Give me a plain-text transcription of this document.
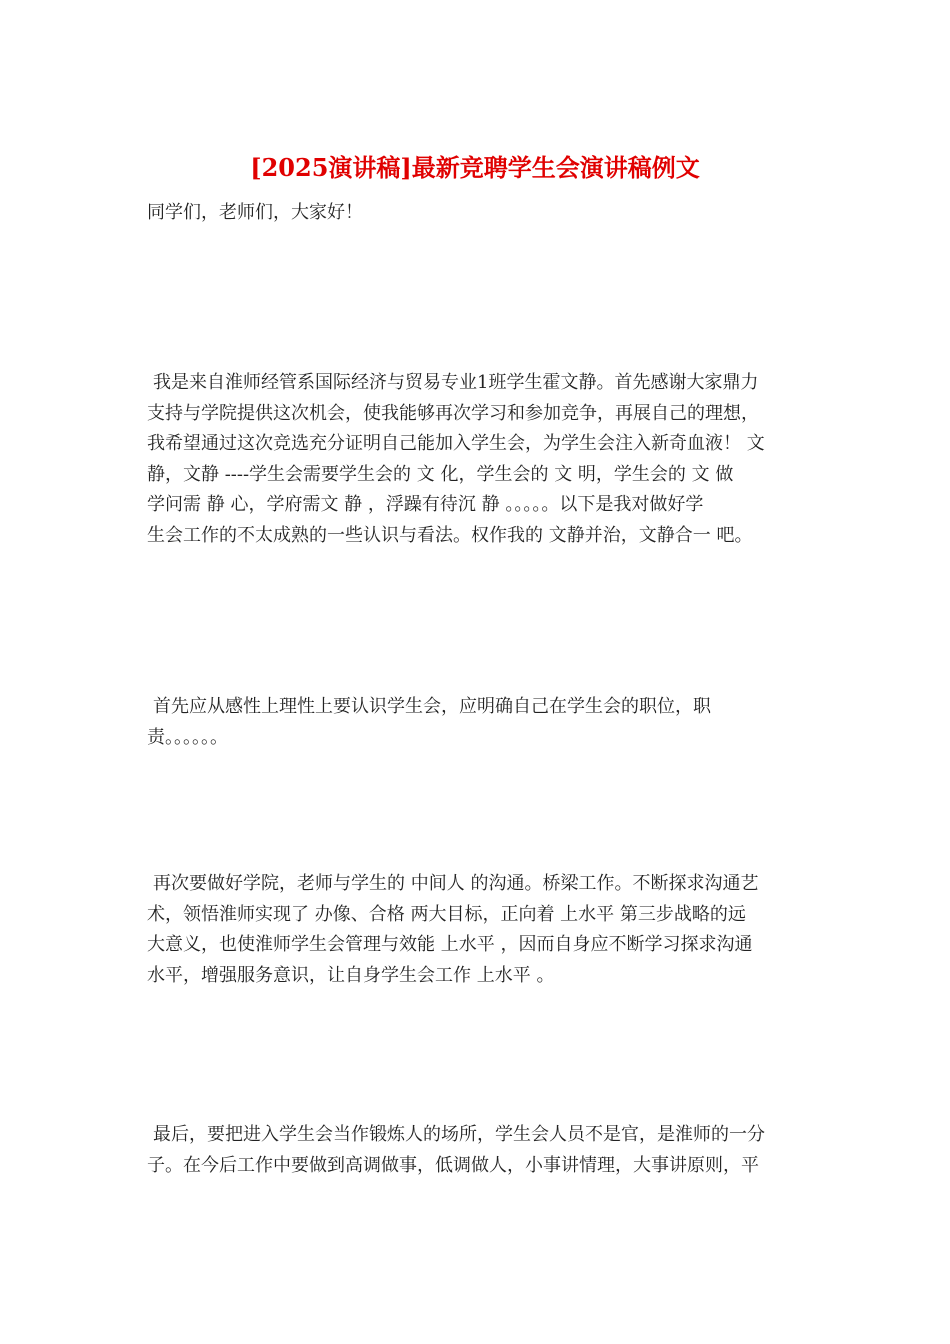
[2025演讲稿]最新竞聘学生会演讲稿例文
同学们，老师们，大家好！
我是来自淮师经管系国际经济与贸易专业1班学生霍文静。首先感谢大家鼎力
支持与学院提供这次机会，使我能够再次学习和参加竞争，再展自己的理想，
我希望通过这次竞选充分证明自己能加入学生会，为学生会注入新奇血液！ 文
静，文静 ----学生会需要学生会的 文 化，学生会的 文 明，学生会的 文 做
学问需 静 心，学府需文 静 ，浮躁有待沉 静 。。。。。以下是我对做好学
生会工作的不太成熟的一些认识与看法。权作我的 文静并治，文静合一 吧。
首先应从感性上理性上要认识学生会，应明确自己在学生会的职位，职
责。。。。。。
再次要做好学院，老师与学生的 中间人 的沟通。桥梁工作。不断探求沟通艺
术，领悟淮师实现了 办像、合格 两大目标，正向着 上水平 第三步战略的远
大意义，也使淮师学生会管理与效能 上水平 ，因而自身应不断学习探求沟通
水平，增强服务意识，让自身学生会工作 上水平 。
最后，要把进入学生会当作锻炼人的场所，学生会人员不是官，是淮师的一分
子。在今后工作中要做到高调做事，低调做人，小事讲情理，大事讲原则，平
